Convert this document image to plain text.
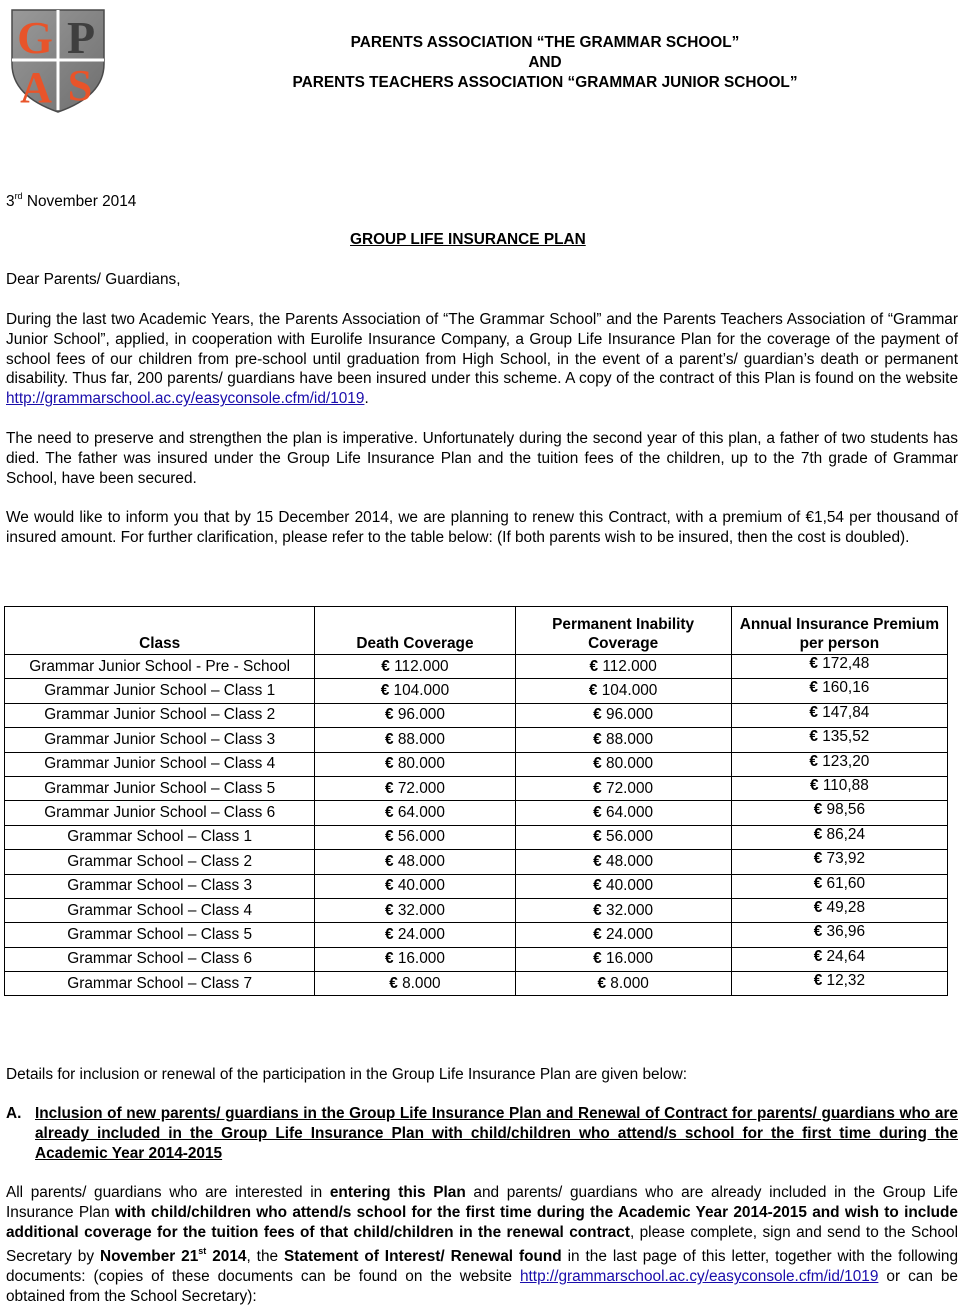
G P
A S
PARENTS ASSOCIATION “THE GRAMMAR SCHOOL”
AND
PARENTS TEACHERS ASSOCIATION “GRAMMAR JUNIOR SCHOOL”
3rd November 2014
GROUP LIFE INSURANCE PLAN
Dear Parents/ Guardians,
During the last two Academic Years, the Parents Association of “The Grammar School” and the Parents Teachers Association of “Grammar Junior School”, applied, in cooperation with Eurolife Insurance Company, a Group Life Insurance Plan for the coverage of the payment of school fees of our children from pre-school until graduation from High School, in the event of a parent’s/ guardian’s death or permanent disability. Thus far, 200 parents/ guardians have been insured under this scheme. A copy of the contract of this Plan is found on the website http://grammarschool.ac.cy/easyconsole.cfm/id/1019.
The need to preserve and strengthen the plan is imperative. Unfortunately during the second year of this plan, a father of two students has died. The father was insured under the Group Life Insurance Plan and the tuition fees of the children, up to the 7th grade of Grammar School, have been secured.
We would like to inform you that by 15 December 2014, we are planning to renew this Contract, with a premium of €1,54 per thousand of insured amount. For further clarification, please refer to the table below: (If both parents wish to be insured, then the cost is doubled).
Class	Death Coverage	Permanent Inability Coverage	Annual Insurance Premium per person
Grammar Junior School - Pre - School	€ 112.000	€ 112.000	€ 172,48
Grammar Junior School – Class 1	€ 104.000	€ 104.000	€ 160,16
Grammar Junior School – Class 2	€ 96.000	€ 96.000	€ 147,84
Grammar Junior School – Class 3	€ 88.000	€ 88.000	€ 135,52
Grammar Junior School – Class 4	€ 80.000	€ 80.000	€ 123,20
Grammar Junior School – Class 5	€ 72.000	€ 72.000	€ 110,88
Grammar Junior School – Class 6	€ 64.000	€ 64.000	€ 98,56
Grammar School – Class 1	€ 56.000	€ 56.000	€ 86,24
Grammar School – Class 2	€ 48.000	€ 48.000	€ 73,92
Grammar School – Class 3	€ 40.000	€ 40.000	€ 61,60
Grammar School – Class 4	€ 32.000	€ 32.000	€ 49,28
Grammar School – Class 5	€ 24.000	€ 24.000	€ 36,96
Grammar School – Class 6	€ 16.000	€ 16.000	€ 24,64
Grammar School – Class 7	€ 8.000	€ 8.000	€ 12,32
Details for inclusion or renewal of the participation in the Group Life Insurance Plan are given below:
A. Inclusion of new parents/ guardians in the Group Life Insurance Plan and Renewal of Contract for parents/ guardians who are already included in the Group Life Insurance Plan with child/children who attend/s school for the first time during the Academic Year 2014-2015
All parents/ guardians who are interested in entering this Plan and parents/ guardians who are already included in the Group Life Insurance Plan with child/children who attend/s school for the first time during the Academic Year 2014-2015 and wish to include additional coverage for the tuition fees of that child/children in the renewal contract, please complete, sign and send to the School Secretary by November 21st 2014, the Statement of Interest/ Renewal found in the last page of this letter, together with the following documents: (copies of these documents can be found on the website http://grammarschool.ac.cy/easyconsole.cfm/id/1019 or can be obtained from the School Secretary):
